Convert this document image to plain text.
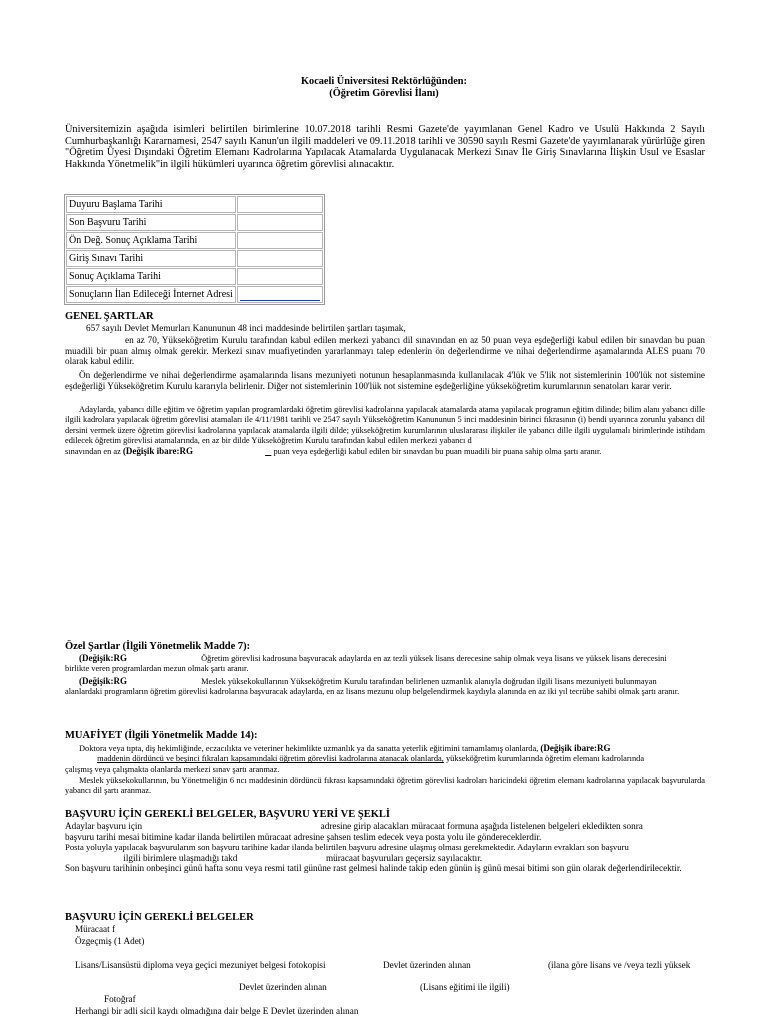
Kocaeli Üniversitesi Rektörlüğünden:
(Öğretim Görevlisi İlanı)
Üniversitemizin aşağıda isimleri belirtilen birimlerine 10.07.2018 tarihli Resmi Gazete'de yayımlanan Genel Kadro ve Usulü Hakkında 2 Sayılı Cumhurbaşkanlığı Kararnamesi, 2547 sayılı Kanun'un ilgili maddeleri ve 09.11.2018 tarihli ve 30590 sayılı Resmi Gazete'de yayımlanarak yürürlüğe giren "Öğretim Üyesi Dışındaki Öğretim Elemanı Kadrolarına Yapılacak Atamalarda Uygulanacak Merkezi Sınav İle Giriş Sınavlarına İlişkin Usul ve Esaslar Hakkında Yönetmelik"in ilgili hükümleri uyarınca öğretim görevlisi alınacaktır.
Duyuru Başlama Tarihi	
Son Başvuru Tarihi	
Ön Değ. Sonuç Açıklama Tarihi	
Giriş Sınavı Tarihi	
Sonuç Açıklama Tarihi	
Sonuçların İlan Edileceği İnternet Adresi	
GENEL ŞARTLAR
657 sayılı Devlet Memurları Kanununun 48 inci maddesinde belirtilen şartları taşımak,
en az 70, Yükseköğretim Kurulu tarafından kabul edilen merkezi yabancı dil sınavından en az 50 puan veya eşdeğerliği kabul edilen bir sınavdan bu puan muadili bir puan almış olmak gerekir. Merkezi sınav muafiyetinden yararlanmayı talep edenlerin ön değerlendirme ve nihai değerlendirme aşamalarında ALES puanı 70 olarak kabul edilir.
Ön değerlendirme ve nihai değerlendirme aşamalarında lisans mezuniyeti notunun hesaplanmasında kullanılacak 4'lük ve 5'lik not sistemlerinin 100'lük not sistemine eşdeğerliği Yükseköğretim Kurulu kararıyla belirlenir. Diğer not sistemlerinin 100'lük not sistemine eşdeğerliğine yükseköğretim kurumlarının senatoları karar verir.
Adaylarda, yabancı dille eğitim ve öğretim yapılan programlardaki öğretim görevlisi kadrolarına yapılacak atamalarda atama yapılacak programın eğitim dilinde; bilim alanı yabancı dille ilgili kadrolara yapılacak öğretim görevlisi atamaları ile 4/11/1981 tarihli ve 2547 sayılı Yükseköğretim Kanununun 5 inci maddesinin birinci fıkrasının (i) bendi uyarınca zorunlu yabancı dil dersini vermek üzere öğretim görevlisi kadrolarına yapılacak atamalarda ilgili dilde; yükseköğretim kurumlarının uluslararası ilişkiler ile yabancı dille ilgili uygulamalı birimlerinde istihdam edilecek öğretim görevlisi atamalarında, en az bir dilde Yükseköğretim Kurulu tarafından kabul edilen merkezi yabancı d
sınavından en az (Değişik ibare:RG	puan veya eşdeğerliği kabul edilen bir sınavdan bu puan muadili bir puana sahip olma şartı aranır.
Özel Şartlar (İlgili Yönetmelik Madde 7):
(Değişik:RG	Öğretim görevlisi kadrosuna başvuracak adaylarda en az tezli yüksek lisans derecesine sahip olmak veya lisans ve yüksek lisans derecesini
birlikte veren programlardan mezun olmak şartı aranır.
(Değişik:RG	Meslek yüksekokullarının Yükseköğretim Kurulu tarafından belirlenen uzmanlık alanıyla doğrudan ilgili lisans mezuniyeti bulunmayan
alanlardaki programların öğretim görevlisi kadrolarına başvuracak adaylarda, en az lisans mezunu olup belgelendirmek kaydıyla alanında en az iki yıl tecrübe sahibi olmak şartı aranır.
MUAFİYET (İlgili Yönetmelik Madde 14):
Doktora veya tıpta, diş hekimliğinde, eczacılıkta ve veteriner hekimlikte uzmanlık ya da sanatta yeterlik eğitimini tamamlamış olanlarda, (Değişik ibare:RG
maddenin dördüncü ve beşinci fıkraları kapsamındaki öğretim görevlisi kadrolarına atanacak olanlarda, yükseköğretim kurumlarında öğretim elemanı kadrolarında
çalışmış veya çalışmakta olanlarda merkezi sınav şartı aranmaz.
Meslek yüksekokullarının, bu Yönetmeliğin 6 ncı maddesinin dördüncü fıkrası kapsamındaki öğretim görevlisi kadroları haricindeki öğretim elemanı kadrolarına yapılacak başvurularda yabancı dil şartı aranmaz.
BAŞVURU İÇİN GEREKLİ BELGELER, BAŞVURU YERİ VE ŞEKLİ
Adaylar başvuru için	adresine girip alacakları müracaat formuna aşağıda listelenen belgeleri ekledikten sonra
başvuru tarihi mesai bitimine kadar ilanda belirtilen müracaat adresine şahsen teslim edecek veya posta yolu ile göndereceklerdir.
Posta yoluyla yapılacak başvurularım son başvuru tarihine kadar ilanda belirtilen başvuru adresine ulaşmış olması gerekmektedir. Adayların evrakları son başvuru
ilgili birimlere ulaşmadığı takd	müracaat başvuruları geçersiz sayılacaktır.
Son başvuru tarihinin onbeşinci günü hafta sonu veya resmi tatil gününe rast gelmesi halinde takip eden günün iş günü mesai bitimi son gün olarak değerlendirilecektir.
BAŞVURU İÇİN GEREKLİ BELGELER
Müracaat f
Özgeçmiş (1 Adet)
Lisans/Lisansüstü diploma veya geçici mezuniyet belgesi fotokopisi	Devlet üzerinden alınan	(ilana göre lisans ve /veya tezli yüksek
Devlet üzerinden alınan	(Lisans eğitimi ile ilgili)
Fotoğraf
Herhangi bir adli sicil kaydı olmadığına dair belge E Devlet üzerinden alınan
